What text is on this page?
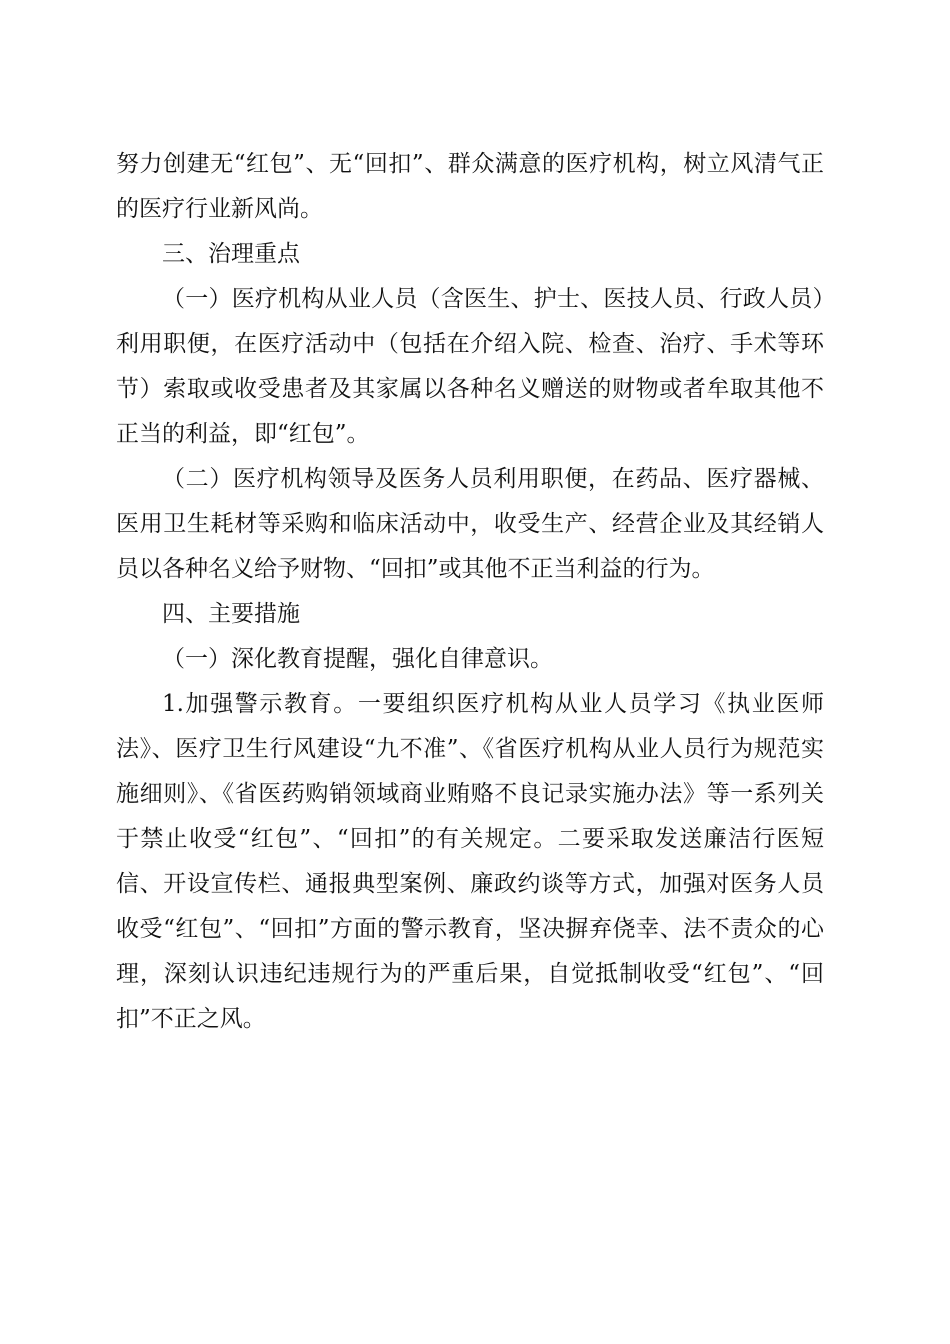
努力创建无“红包”、无“回扣”、群众满意的医疗机构，树立风清气正的医疗行业新风尚。

三、治理重点

（一）医疗机构从业人员（含医生、护士、医技人员、行政人员）利用职便，在医疗活动中（包括在介绍入院、检查、治疗、手术等环节）索取或收受患者及其家属以各种名义赠送的财物或者牟取其他不正当的利益，即“红包”。

（二）医疗机构领导及医务人员利用职便，在药品、医疗器械、医用卫生耗材等采购和临床活动中，收受生产、经营企业及其经销人员以各种名义给予财物、“回扣”或其他不正当利益的行为。

四、主要措施

（一）深化教育提醒，强化自律意识。

1.加强警示教育。一要组织医疗机构从业人员学习《执业医师法》、医疗卫生行风建设“九不准”、《省医疗机构从业人员行为规范实施细则》、《省医药购销领域商业贿赂不良记录实施办法》等一系列关于禁止收受“红包”、“回扣”的有关规定。二要采取发送廉洁行医短信、开设宣传栏、通报典型案例、廉政约谈等方式，加强对医务人员收受“红包”、“回扣”方面的警示教育，坚决摒弃侥幸、法不责众的心理，深刻认识违纪违规行为的严重后果，自觉抵制收受“红包”、“回扣”不正之风。
